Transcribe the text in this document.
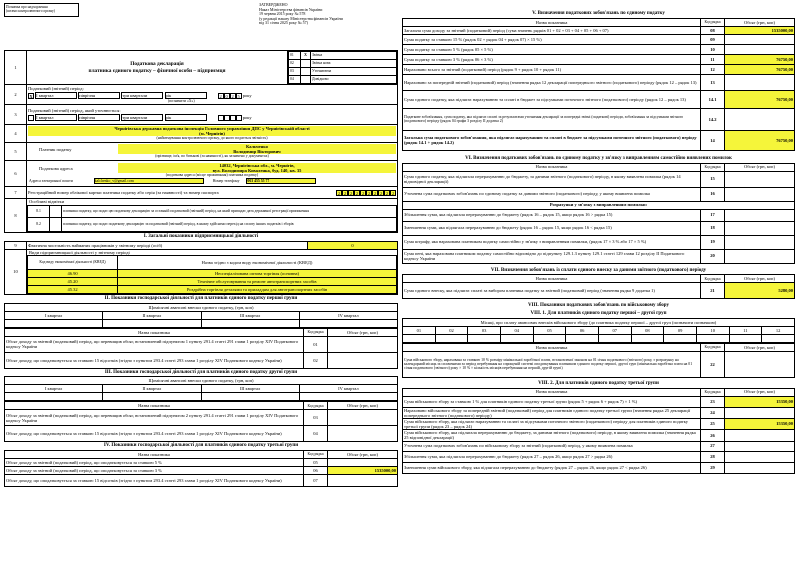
Позначка про надходження
(штамп контролюючого органу)
ЗАТВЕРДЖЕНО
Наказ Міністерства фінансів України
19 червня 2015 року № 578
(у редакції наказу Міністерства фінансів України
від 31 січня 2025 року № 57)
1	Податкова декларація
платника єдиного податку – фізичної особи – підприємця

01	Х	Звітна
02		Звітна нова
03		Уточнююча
04		Довідково

2	
Податковий (звітний) період:
Х I квартал	півріччя	три квартали	рік	2 0 2 5 року
(позначити «Х»)

3	
Податковий (звітний) період, який уточнюється:
I квартал	півріччя	три квартали	рік	року

4	
Чернігівська державна податкова інспекція Головного управління ДПС у Чернігівській області
(м. Чернігів)
(найменування контролюючого органу, до якого подається звітність)

5		Платник податку	
Кальченко
Володимир Вікторович
(прізвище, ім'я, по батькові (за наявності), як зазначено у документах)

6	
Податкова адреса	
14032, Чернігівська обл., м. Чернігів,
вул. Володимира Коваленка, буд. 140, кв. 35
(податкова адреса (місце проживання) платника податку)
Адреса електронної пошти	kalchenko_v@gmail.com	Номер телефону 063 455 55 77

7	Реєстраційний номер облікової картки платника податку або серія (за наявності) та номер паспорта	2 2 2 2 2 2 2 2 2 2

8	
Особливі відмітки
8.1		платника податку, що подає цю податкову декларацію за останній податковий (звітний) період, на який припадає дата державної реєстрації припинення
8.2		платника податку, що подає податкову декларацію за податковий (звітний) період, в якому здійснено перехід на сплату інших податків і зборів
I. Загальні показники підприємницької діяльності
9	Фактична чисельність найманих працівників у звітному періоді (осіб)	0
10	
Види підприємницької діяльності у звітному періоді
Код виду економічної діяльності (КВЕД)	Назва згідно з кодом виду економічної діяльності (КВЕД)
46.90	Неспеціалізована оптова торгівля (основна)
45.20	Технічне обслуговування та ремонт автотранспортних засобів
45.32	Роздрібна торгівля деталями та приладдям для автотранспортних засобів
II. Показники господарської діяльності для платників єдиного податку першої групи
Щомісячні авансові внески єдиного податку, (грн, коп)			
I квартал	II квартал	III квартал	IV квартал

Назва показника	Код рядка	Обсяг (грн, коп)
Обсяг доходу за звітний (податковий) період, що перевищив обсяг, встановлений підпунктом 1 пункту 291.4 статті 291 глави 1 розділу XIV Податкового кодексу України	01	
Обсяг доходу, що оподатковується за ставкою 15 відсотків (згідно з пунктом 293.4 статті 293 глави 1 розділу XIV Податкового кодексу України)	02	
III. Показники господарської діяльності для платників єдиного податку другої групи
Щомісячні авансові внески єдиного податку, (грн, коп)			
I квартал	II квартал	III квартал	IV квартал

Назва показника	Код рядка	Обсяг (грн, коп)
Обсяг доходу за звітний (податковий) період, що перевищив обсяг, встановлений підпунктом 2 пункту 291.4 статті 291 глави 1 розділу XIV Податкового кодексу України	03	
Обсяг доходу, що оподатковується за ставкою 15 відсотків (згідно з пунктом 293.4 статті 293 глави 1 розділу XIV Податкового кодексу України)	04	
IV. Показники господарської діяльності для платників єдиного податку третьої групи
Назва показника	Код рядка	Обсяг (грн, коп)
Обсяг доходу за звітний (податковий) період, що оподатковується за ставкою 5 %	05	
Обсяг доходу за звітний (податковий) період, що оподатковується за ставкою 3 %	06	1535000,00
Обсяг доходу, що оподатковується за ставкою 15 відсотків (згідно з пунктом 293.4 статті 293 глави 1 розділу XIV Податкового кодексу України)	07	
V. Визначення податкових зобов'язань по єдиному податку
Назва показника	Код рядка	Обсяг (грн, коп)
Загальна сума доходу за звітний (податковий) період (сума значень рядків 01 + 02 + 03 + 04 + 05 + 06 + 07)	08	1535000,00
Сума податку за ставкою 15 % (рядок 02 + рядок 04 + рядок 07) × 15 %)	09	
Сума податку за ставкою 5 % (рядок 05 × 5 %)	10	
Сума податку за ставкою 3 % (рядок 06 × 3 %)	11	76750,00
Нараховано всього за звітний (податковий) період (рядок 9 + рядок 10 + рядок 11)	12	76750,00
Нараховано за попередній звітний (податковий) період (значення рядка 12 декларації попереднього звітного (податкового) періоду (рядок 12 – рядок 13)	13	
Сума єдиного податку, яка підлягає нарахуванню та сплаті в бюджет за підсумками поточного звітного (податкового) періоду (рядок 12 – рядок 13)	14.1	76750,00
Податкове зобов'язання, сума податку, яка підлягає сплаті за результатами уточнення декларації за попередні звітні (податкові) періоди, зобов'язання за підсумками звітного (податкового) періоду (рядок 04 графи 3 розділу II додатка 2)	14.2	
Загальна сума податкового зобов'язання, яка підлягає нарахуванню та сплаті в бюджет за підсумками поточного звітного (податкового) періоду (рядок 14.1 + рядок 14.2)	14	76750,00
VI. Визначення податкових зобов'язань по єдиному податку у зв'язку з виправленням самостійно виявлених помилок
Назва показника	Код рядка	Обсяг (грн, коп)
Сума єдиного податку, яка підлягала перерахуванню до бюджету, за даними звітного (податкового) періоду, в якому виявлена помилка (рядок 14 відповідної декларації)	15	
Уточнена сума податкових зобов'язань по єдиному податку за даними звітного (податкового) періоду, у якому виявлена помилка	16	
Розрахунки у зв'язку з виправленням помилки:		
Збільшення суми, яка підлягала перерахуванню до бюджету (рядок 16 – рядок 15, якщо рядок 16 > рядка 15)	17	
Зменшення суми, яка підлягала перерахуванню до бюджету (рядок 16 – рядок 15, якщо рядок 16 < рядка 15)	18	
Сума штрафу, яка нарахована платником податку самостійно у зв'язку з виправленням помилки, (рядок 17 × 3 % або 17 × 5 %)	19	
Сума пені, яка нарахована платником податку самостійно відповідно до підпункту 129.1.3 пункту 129.1 статті 129 глави 12 розділу II Податкового кодексу України	20	
VII. Визначення зобов'язань із сплати єдиного внеску за даними звітного (податкового) періоду
Назва показника	Код рядка	Обсяг (грн, коп)
Сума єдиного внеску, яка підлягає сплаті за вибором платника податку за звітний (податковий) період (значення рядка 9 додатка 1)	21	5280,00
VIII. Показники податкових зобов'язань по військовому збору
VIII. 1. Для платників єдиного податку першої – другої груп
Місяці, про сплату авансових внесків військового збору (до платника податку першої – другої груп (позначити позначкою)											
01	02	03	04	05	06	07	08	09	10	11	12

Назва показника	Код рядка	Обсяг (грн, коп)
Сума військового збору, нарахована за ставкою 10 % розміру мінімальної заробітної плати, встановленої законом на 01 січня податкового (звітного) року, з розрахунку на календарний місяць за сплаченими за період перебування на спрощеній системі оподаткування платником єдиного податку першої, другої груп (мінімальна заробітна плата на 01 січня податкового (звітного) року × 10 % × кількість місяців перебування на першій, другій групі)	22	
VIII. 2. Для платників єдиного податку третьої групи
Назва показника	Код рядка	Обсяг (грн, коп)
Сума військового збору за ставкою 1 % для платників єдиного податку третьої групи (рядок 5 + рядок 6 + рядок 7) × 1 %)	23	15350,00
Нараховано військового збору за попередній звітний (податковий) період для платників єдиного податку третьої групи (значення рядка 25 декларації попереднього звітного (податкового) періоду)	24	
Сума військового збору, яка підлягає нарахуванню та сплаті за підсумками поточного звітного (податкового) періоду для платників єдиного податку третьої групи (рядок 23 – рядок 24)	25	15350,00
Сума військового збору, яка підлягала перерахуванню до бюджету, за даними звітного (податкового) періоду, в якому виявлена помилка (значення рядка 25 відповідної декларації)	26	
Уточнена сума податкових зобов'язань по військовому збору за звітний (податковий) період, у якому виявлена помилка	27	
Збільшення суми, яка підлягала перерахуванню до бюджету (рядок 27 – рядок 26, якщо рядок 27 > рядка 26)	28	
Зменшення суми військового збору, яка підлягала перерахуванню до бюджету (рядок 27 – рядок 26, якщо рядок 27 < рядка 26)	29	
